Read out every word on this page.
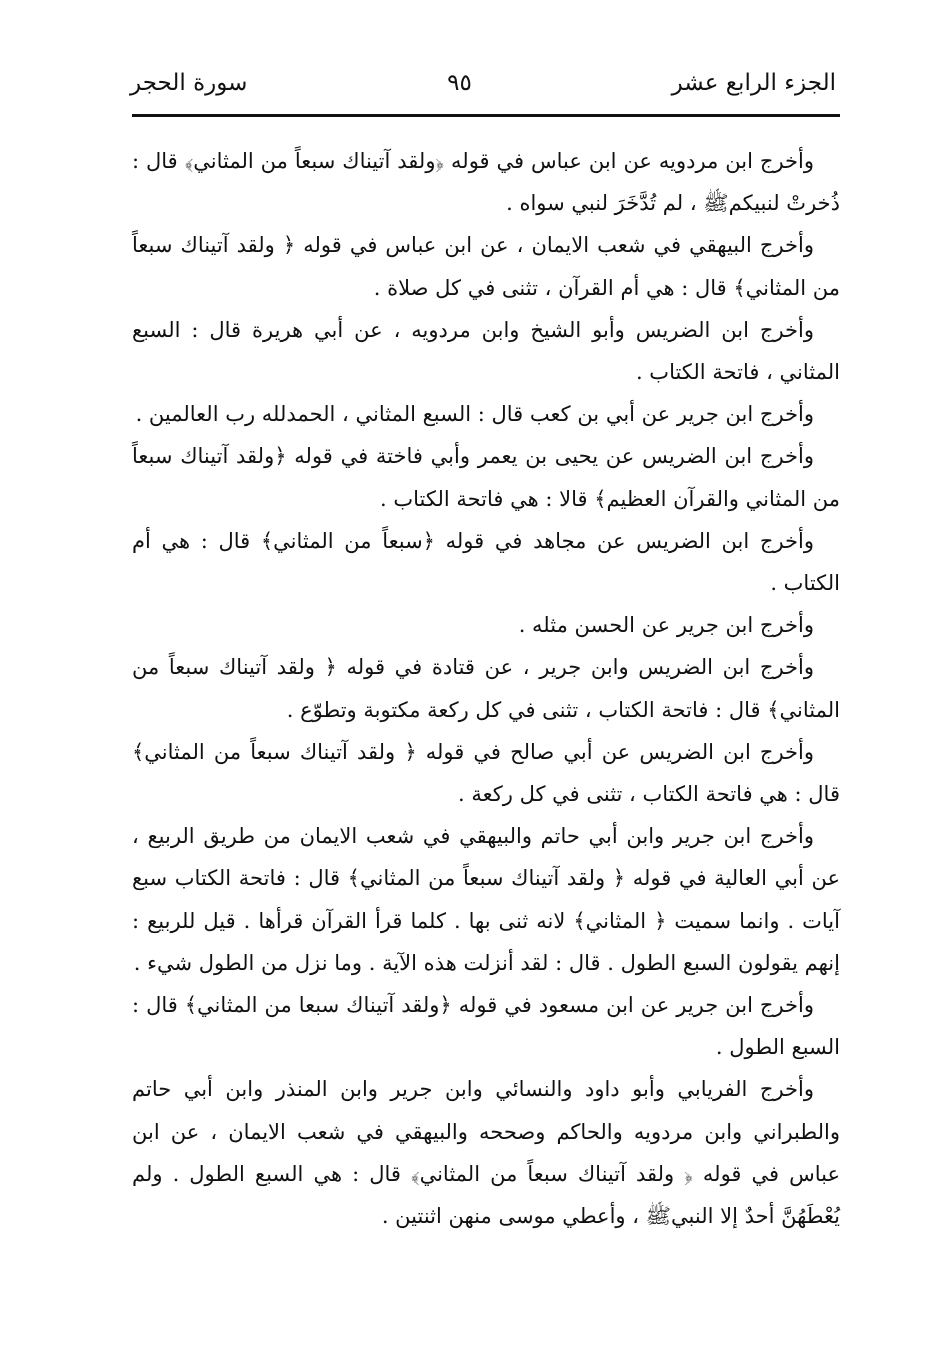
الجزء الرابع عشر
٩٥
سورة الحجر

وأخرج ابن مردويه عن ابن عباس في قوله ﴿ولقد آتيناك سبعاً من المثاني﴾ قال : ذُخرتْ لنبيكمﷺ ، لم تُدَّخَرَ لنبي سواه .

وأخرج البيهقي في شعب الايمان ، عن ابن عباس في قوله ﴿ ولقد آتيناك سبعاً من المثاني﴾ قال : هي أم القرآن ، تثنى في كل صلاة .

وأخرج ابن الضريس وأبو الشيخ وابن مردويه ، عن أبي هريرة قال : السبع المثاني ، فاتحة الكتاب .

وأخرج ابن جرير عن أبي بن كعب قال : السبع المثاني ، الحمدلله رب العالمين .

وأخرج ابن الضريس عن يحيى بن يعمر وأبي فاختة في قوله ﴿ولقد آتيناك سبعاً من المثاني والقرآن العظيم﴾ قالا : هي فاتحة الكتاب .

وأخرج ابن الضريس عن مجاهد في قوله ﴿سبعاً من المثاني﴾ قال : هي أم الكتاب .

وأخرج ابن جرير عن الحسن مثله .

وأخرج ابن الضريس وابن جرير ، عن قتادة في قوله ﴿ ولقد آتيناك سبعاً من المثاني﴾ قال : فاتحة الكتاب ، تثنى في كل ركعة مكتوبة وتطوّع .

وأخرج ابن الضريس عن أبي صالح في قوله ﴿ ولقد آتيناك سبعاً من المثاني﴾ قال : هي فاتحة الكتاب ، تثنى في كل ركعة .

وأخرج ابن جرير وابن أبي حاتم والبيهقي في شعب الايمان من طريق الربيع ، عن أبي العالية في قوله ﴿ ولقد آتيناك سبعاً من المثاني﴾ قال : فاتحة الكتاب سبع آيات . وانما سميت ﴿ المثاني﴾ لانه ثنى بها . كلما قرأ القرآن قرأها . قيل للربيع : إنهم يقولون السبع الطول . قال : لقد أنزلت هذه الآية . وما نزل من الطول شيء .

وأخرج ابن جرير عن ابن مسعود في قوله ﴿ولقد آتيناك سبعا من المثاني﴾ قال : السبع الطول .

وأخرج الفريابي وأبو داود والنسائي وابن جرير وابن المنذر وابن أبي حاتم والطبراني وابن مردويه والحاكم وصححه والبيهقي في شعب الايمان ، عن ابن عباس في قوله ﴿ ولقد آتيناك سبعاً من المثاني﴾ قال : هي السبع الطول . ولم يُعْطَهُنَّ أحدٌ إلا النبيﷺ ، وأعطي موسى منهن اثنتين .
